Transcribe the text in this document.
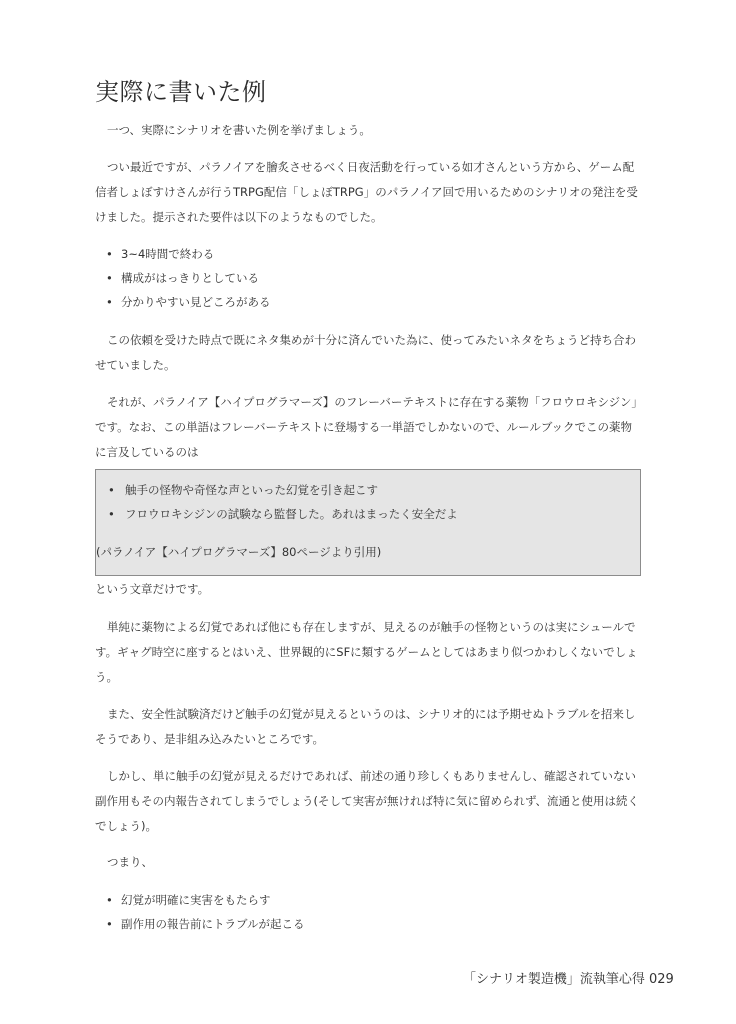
実際に書いた例

一つ、実際にシナリオを書いた例を挙げましょう。

つい最近ですが、パラノイアを膾炙させるべく日夜活動を行っている如才さんという方から、ゲーム配信者しょぼすけさんが行うTRPG配信「しょぼTRPG」のパラノイア回で用いるためのシナリオの発注を受けました。提示された要件は以下のようなものでした。

• 3~4時間で終わる
• 構成がはっきりとしている
• 分かりやすい見どころがある

この依頼を受けた時点で既にネタ集めが十分に済んでいた為に、使ってみたいネタをちょうど持ち合わせていました。

それが、パラノイア【ハイプログラマーズ】のフレーバーテキストに存在する薬物「フロウロキシジン」です。なお、この単語はフレーバーテキストに登場する一単語でしかないので、ルールブックでこの薬物に言及しているのは

• 触手の怪物や奇怪な声といった幻覚を引き起こす
• フロウロキシジンの試験なら監督した。あれはまったく安全だよ
(パラノイア【ハイプログラマーズ】80ページより引用)

という文章だけです。

単純に薬物による幻覚であれば他にも存在しますが、見えるのが触手の怪物というのは実にシュールです。ギャグ時空に座するとはいえ、世界観的にSFに類するゲームとしてはあまり似つかわしくないでしょう。

また、安全性試験済だけど触手の幻覚が見えるというのは、シナリオ的には予期せぬトラブルを招来しそうであり、是非組み込みたいところです。

しかし、単に触手の幻覚が見えるだけであれば、前述の通り珍しくもありませんし、確認されていない副作用もその内報告されてしまうでしょう(そして実害が無ければ特に気に留められず、流通と使用は続くでしょう)。

つまり、

• 幻覚が明確に実害をもたらす
• 副作用の報告前にトラブルが起こる
「シナリオ製造機」流執筆心得 029
